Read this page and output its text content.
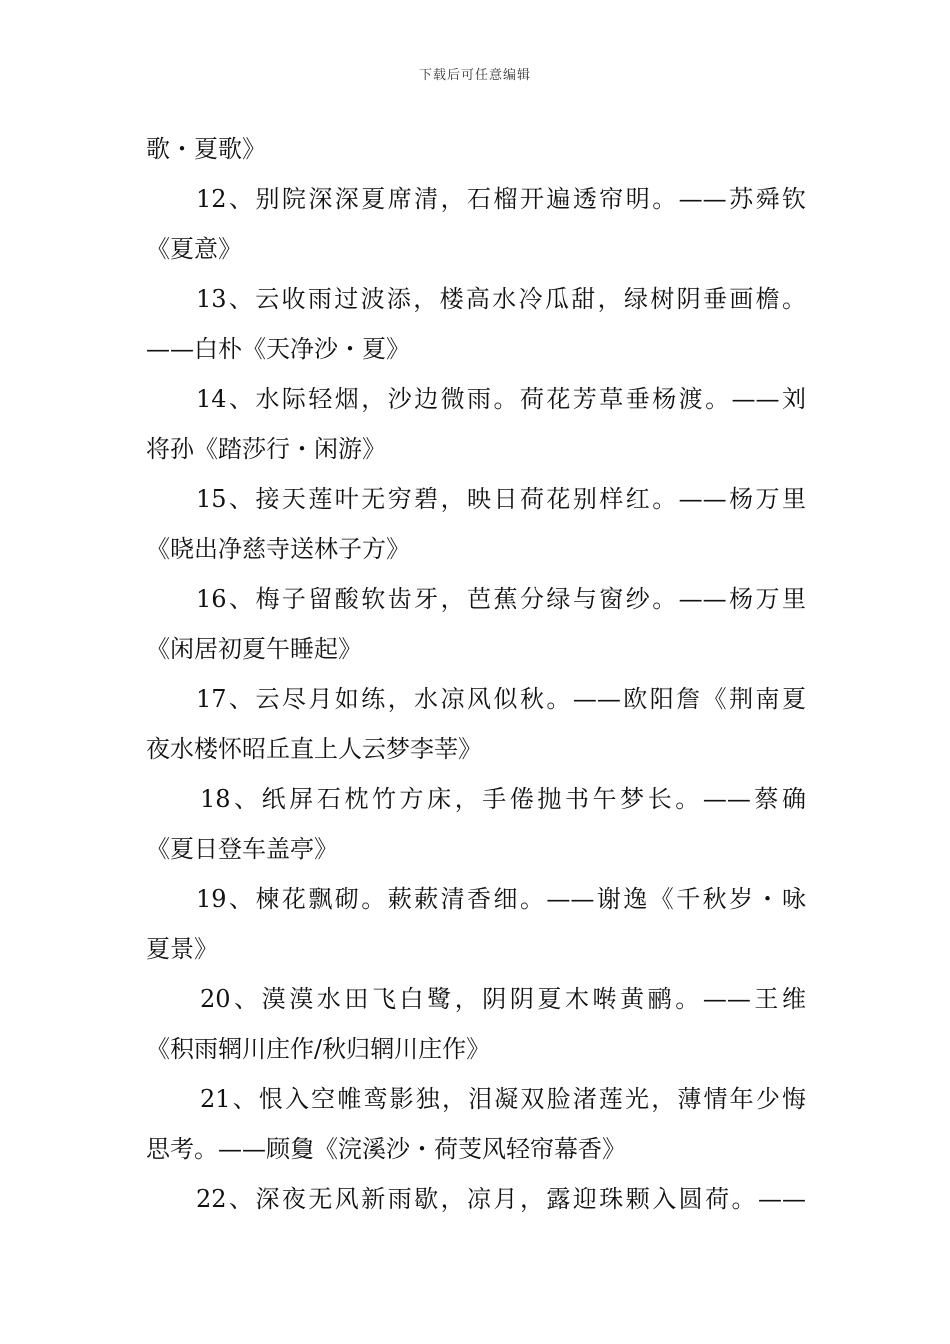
下载后可任意编辑
歌・夏歌》
12、别院深深夏席清，石榴开遍透帘明。——苏舜钦
《夏意》
13、云收雨过波添，楼高水冷瓜甜，绿树阴垂画檐。
——白朴《天净沙・夏》
14、水际轻烟，沙边微雨。荷花芳草垂杨渡。——刘
将孙《踏莎行・闲游》
15、接天莲叶无穷碧，映日荷花别样红。——杨万里
《晓出净慈寺送林子方》
16、梅子留酸软齿牙，芭蕉分绿与窗纱。——杨万里
《闲居初夏午睡起》
17、云尽月如练，水凉风似秋。——欧阳詹《荆南夏
夜水楼怀昭丘直上人云梦李莘》
18、纸屏石枕竹方床，手倦抛书午梦长。——蔡确
《夏日登车盖亭》
19、楝花飘砌。蔌蔌清香细。——谢逸《千秋岁・咏
夏景》
20、漠漠水田飞白鹭，阴阴夏木啭黄鹂。——王维
《积雨辋川庄作/秋归辋川庄作》
21、恨入空帷鸾影独，泪凝双脸渚莲光，薄情年少悔
思考。——顾敻《浣溪沙・荷芰风轻帘幕香》
22、深夜无风新雨歇，凉月，露迎珠颗入圆荷。——
